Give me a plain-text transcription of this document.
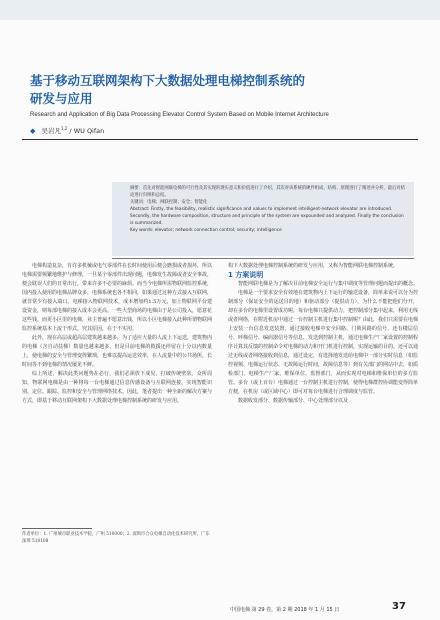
基于移动互联网架构下大数据处理电梯控制系统的
研发与应用
Research and Application of Big Data Processing Elevator Control System Based on Mobile Internet Architecture
◆ 吴岩凡$^{1,2}$ / WU Qifan
摘要：首先对智能网联电梯的可行性及其实现的现实意义和价值进行了介绍，其次对该系统的硬件组成、结构、原理进行了阐述并分析，最后对结论进行归纳和总结。
关键词：电梯；网联控制；安全；智能化
Abstract: Firstly, the feasibility, realistic significance and values to implement intelligent-network elevator are introduced. Secondly, the hardware composition, structure and principle of the system are expounded and analyzed. Finally the conclusion is summarized.
Key words: elevator; network connection control; security; intelligence

电梯构造复杂，有许多机械或电气零部件在长时间使用后便会磨损或者损坏，所以电梯需要频繁地维护与修理，一旦某个零部件出现问题，电梯发生故障或者安全事故，便会耽误人们的日常出行，带来许多不必要的麻烦。而当今电梯所需物联网监控系统，国内投入使用的电梯品牌众多，电梯系统也各不相同，如果通过这种方式接入互联网，就非常少有接入端口。电梯接入物联网技术，成本增加约1.5万元，加上物联网平台建设资金，则每部电梯的接入成本会更高。一些大型商场的电梯由于是公司投入，愿意花这些钱，而更小区里的电梯，业主普遍不愿意出钱，所以小区电梯接入此种所谓物联网监控系统基本上流于形式，究其原因，在于不实用。

此外，现在高层或超高层建筑越来越多，为了适应大量的人流上下运送，建筑物内的电梯（含自动扶梯）数量也越来越多，但是目前电梯的救援还停留在十分以内数量上，使电梯的安全与管理变得繁琐，也难以提高运送效率，在人流量中的公共场所，长时间等不到电梯的情况屡见不鲜。

综上所述，解决此类问题势在必行，我们必须放下成见，打破传统壁垒。众所周知，物联网电梯是由一种将每一台电梯通过信息传感设备与互联网连接，实现智能识别、定位、跟踪、监控和安全与管理网络技术。因此，笔者提出一种全新的解决方案与方式，即基于移动互联网架构下大数据处理电梯控制系统的研发与应用。

作者单位：1. 广州城市职业技术学院，广州 510000；2. 深圳市合众电梯自动化技术研究所，广东深圳 518108

构下大数据处理电梯控制系统的研发与应用，又称为智能网联电梯控制系统。

1 方案说明

智能网联电梯是为了解决目前电梯安全运行与集中调度等管理问题而提出的概念。

电梯是一个要求安全有效地在建筑物内上下运行的输送设备，简单来说可以分为控制部分（保证安全的运送目的地）和驱动部分（提供动力），为什么不能把他们分开，却在多台的电梯里设置成功呢，每台电梯只提供动力，把控制部分集中起来，利用无线或者网络，在附近机房中通过一台控制主机进行集中控制呢？由此，我们只需要在电梯上安装一台信息发送装置，通过接收电梯中安全回路、门锁回路的信号，还有楼层信号、呼梯信号、编码器信号等信息，发送到控制主机，通过电梯生产厂家设置的控制程序计算其反馈的控制命令对电梯的动力和开门机进行控制，实现运输的目的。还可以通过无线或者网络接收到信息，通过设定，有选择地发送给电梯中一部分实时信息（如监控视频、电梯运行状态、无故障运行时间，故障信息等）到有关部门的网站中去，如质检部门、电梯生产厂家、维保单位、监督部门，从而实现对电梯和维保单位的多方监管。多台（或上百台）电梯通过一台控制主机进行控制，使得电梯群控协调能变得简单方便，在机房（或区域中心）即可对每台电梯进行合理调度与监管。

数据收发部分、数据传输部分、中心处理部分以及

中国电梯 第 29 卷，第 2 期 2018 年 1 月 15 日	37
